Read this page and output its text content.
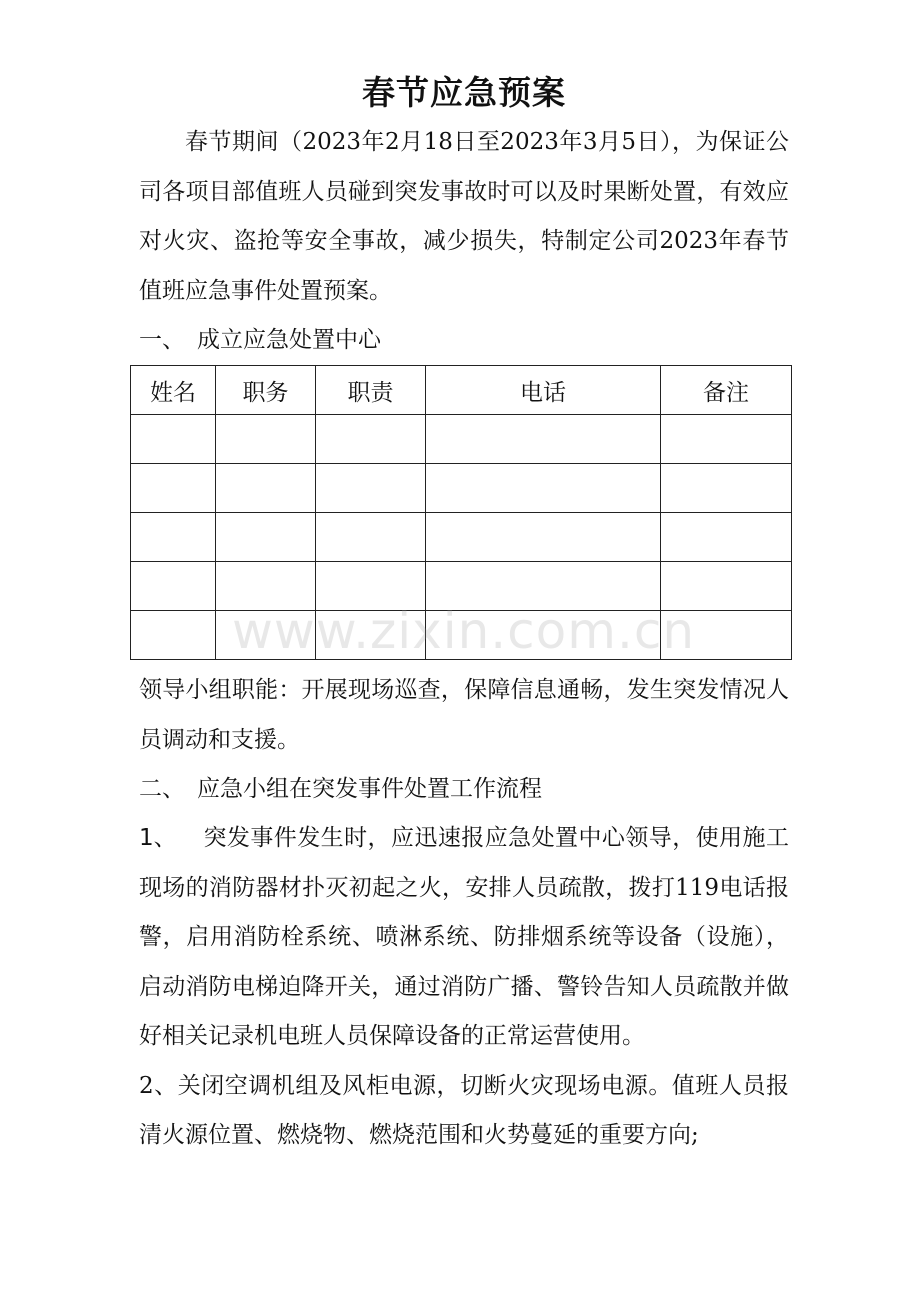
春节应急预案

春节期间（2023年2月18日至2023年3月5日），为保证公司各项目部值班人员碰到突发事故时可以及时果断处置，有效应对火灾、盗抢等安全事故，减少损失，特制定公司2023年春节值班应急事件处置预案。

一、 成立应急处置中心

姓名	职务	职责	电话	备注

领导小组职能：开展现场巡查，保障信息通畅，发生突发情况人员调动和支援。

二、 应急小组在突发事件处置工作流程

1、 突发事件发生时，应迅速报应急处置中心领导，使用施工现场的消防器材扑灭初起之火，安排人员疏散，拨打119电话报警，启用消防栓系统、喷淋系统、防排烟系统等设备（设施），启动消防电梯迫降开关，通过消防广播、警铃告知人员疏散并做好相关记录机电班人员保障设备的正常运营使用。

2、关闭空调机组及风柜电源，切断火灾现场电源。值班人员报清火源位置、燃烧物、燃烧范围和火势蔓延的重要方向;

www.zixin.com.cn
